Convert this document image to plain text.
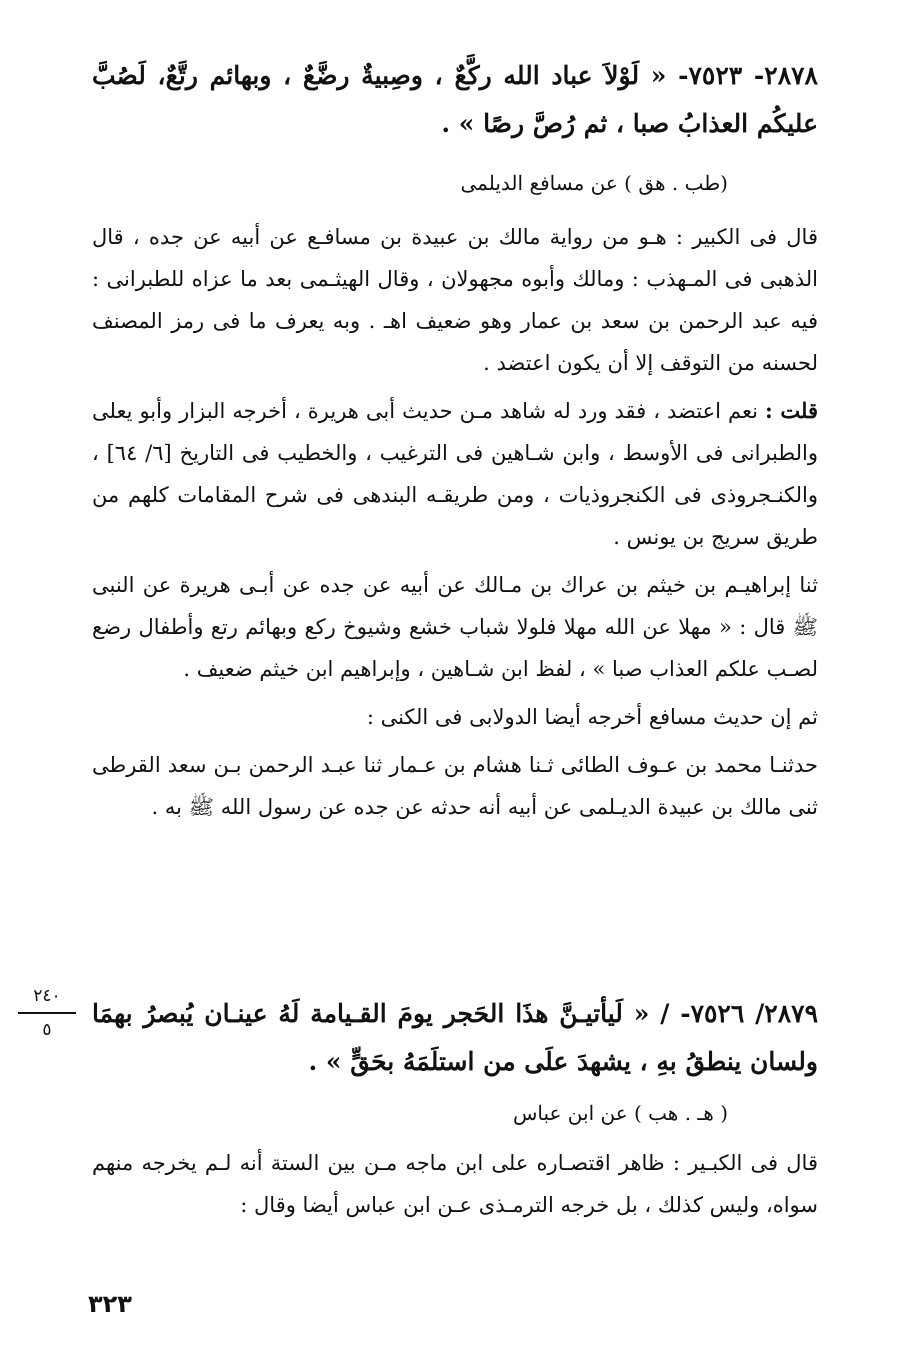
٢٨٧٨- ٧٥٢٣- « لَوْلاَ عباد الله ركَّعٌ ، وصِبيةٌ رضَّعٌ ، وبهائم رتَّعٌ، لَصُبَّ عليكُم العذابُ صبا ، ثم رُصَّ رصًا » .
(طب . هق ) عن مسافع الديلمى
قال فى الكبير : هـو من رواية مالك بن عبيدة بن مسافـع عن أبيه عن جده ، قال الذهبى فى المـهذب : ومالك وأبوه مجهولان ، وقال الهيثـمى بعد ما عزاه للطبرانى : فيه عبد الرحمن بن سعد بن عمار وهو ضعيف اهـ . وبه يعرف ما فى رمز المصنف لحسنه من التوقف إلا أن يكون اعتضد .
قلت : نعم اعتضد ، فقد ورد له شاهد مـن حديث أبى هريرة ، أخرجه البزار وأبو يعلى والطبرانى فى الأوسط ، وابن شـاهين فى الترغيب ، والخطيب فى التاريخ [٦/ ٦٤] ، والكنـجروذى فى الكنجروذيات ، ومن طريقـه البندهى فى شرح المقامات كلهم من طريق سريج بن يونس .
ثنا إبراهيـم بن خيثم بن عراك بن مـالك عن أبيه عن جده عن أبـى هريرة عن النبى ﷺ قال : « مهلا عن الله مهلا فلولا شباب خشع وشيوخ ركع وبهائم رتع وأطفال رضع لصـب علكم العذاب صبا » ، لفظ ابن شـاهين ، وإبراهيم ابن خيثم ضعيف .
ثم إن حديث مسافع أخرجه أيضا الدولابى فى الكنى :
حدثنـا محمد بن عـوف الطائى ثـنا هشام بن عـمار ثنا عبـد الرحمن بـن سعد القرطى ثنى مالك بن عبيدة الديـلمى عن أبيه أنه حدثه عن جده عن رسول الله ﷺ به .
٢٨٧٩/ ٧٥٢٦- / « لَيأتيـنَّ هذَا الحَجر يومَ القـيامة لَهُ عينـان يُبصرُ بهمَا ولسان ينطقُ بهِ ، يشهدَ علَى من استلَمَهُ بحَقٍّ » .
( هـ . هب ) عن ابن عباس
قال فى الكبـير : ظاهر اقتصـاره على ابن ماجه مـن بين الستة أنه لـم يخرجه منهم سواه، وليس كذلك ، بل خرجه الترمـذى عـن ابن عباس أيضا وقال :
٢٤٠
٥
٣٢٣
